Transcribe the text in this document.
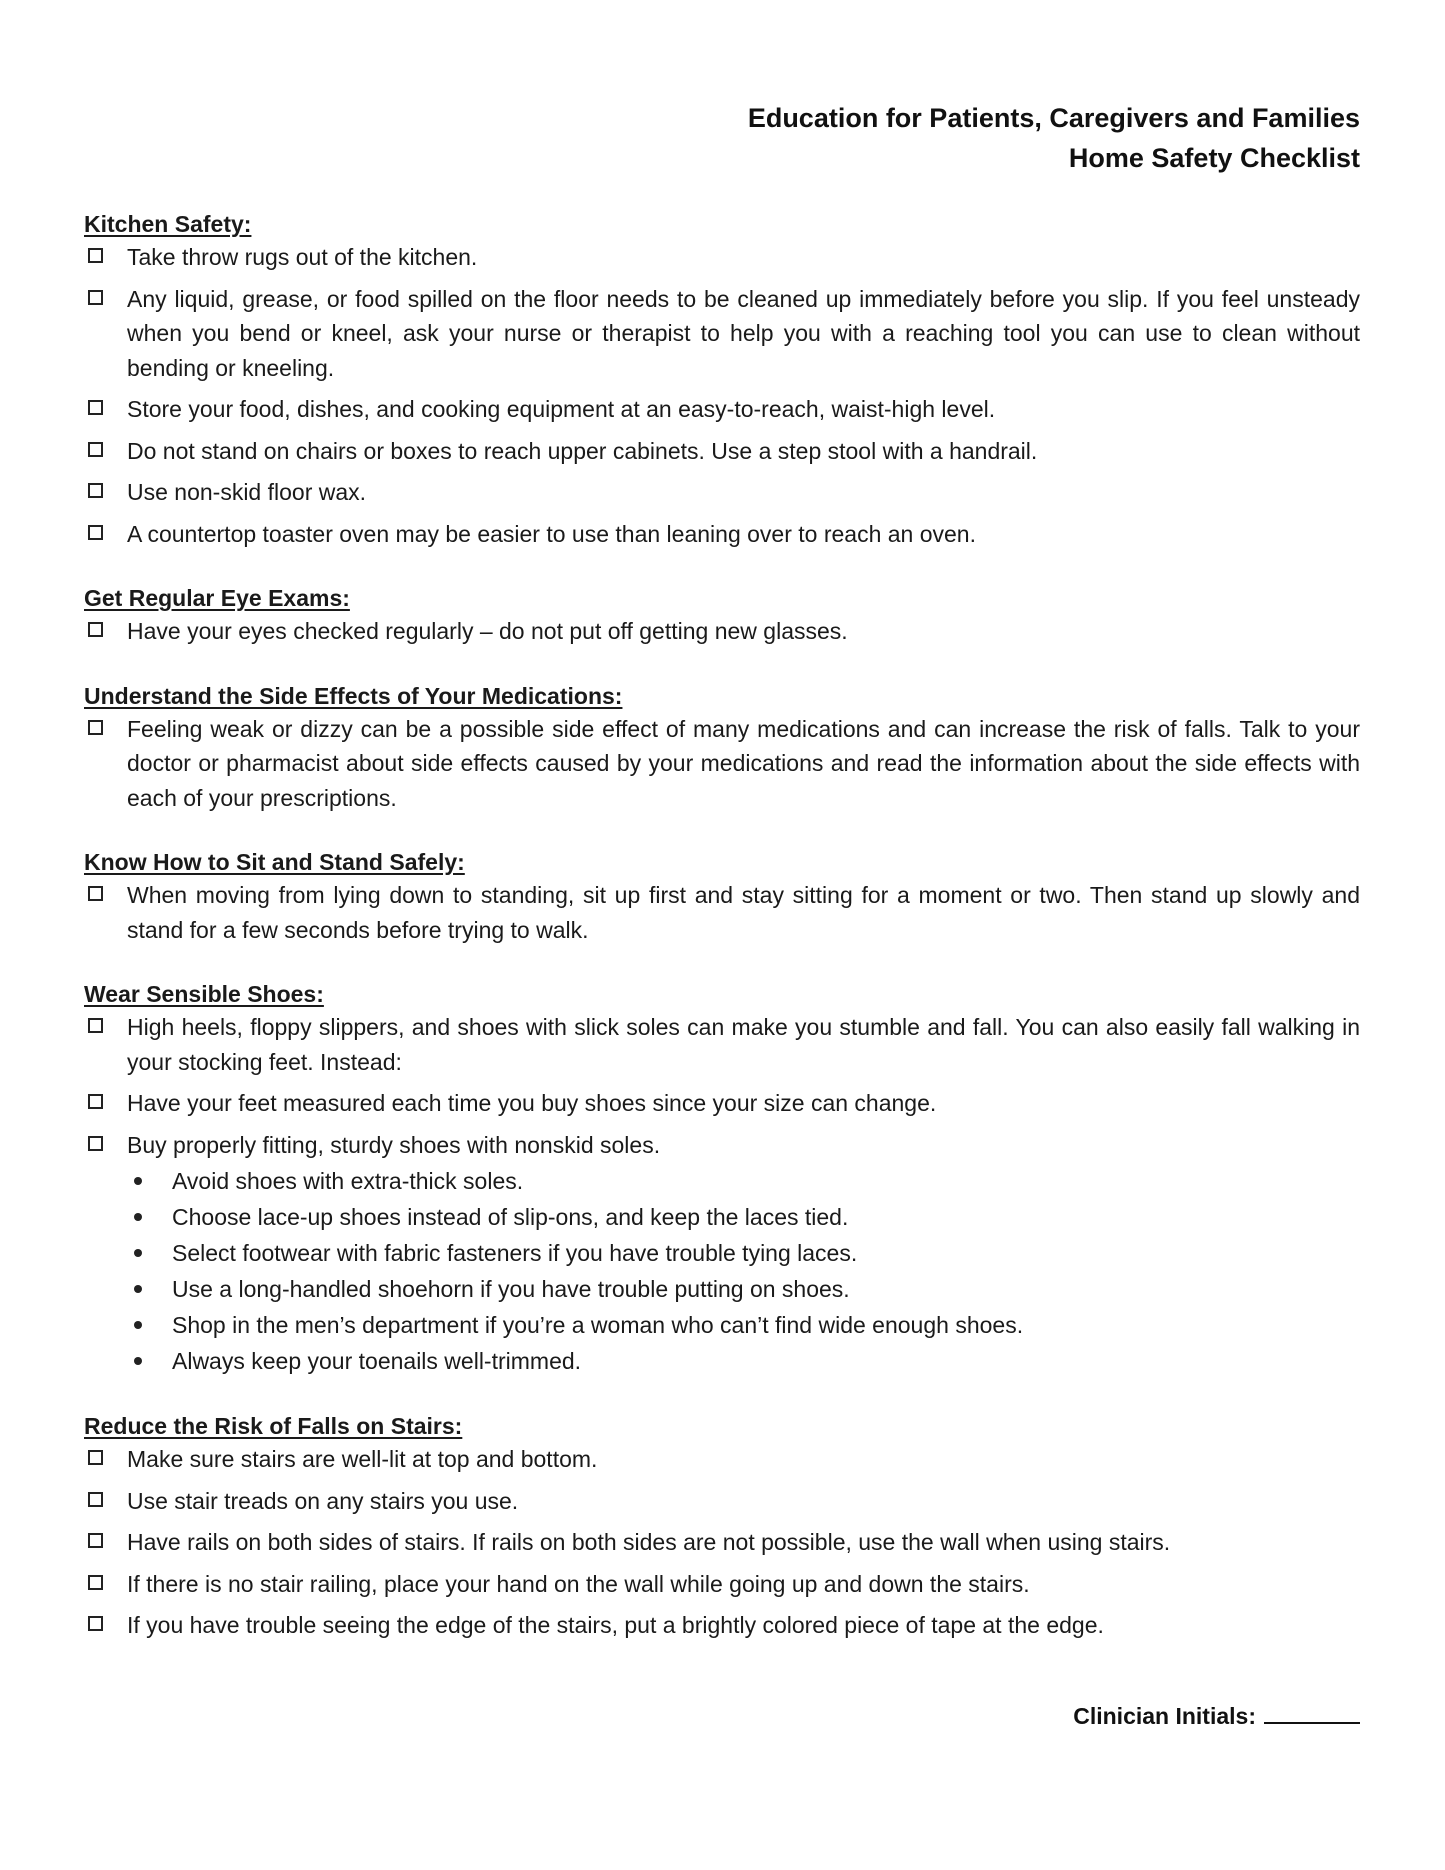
Education for Patients, Caregivers and Families
Home Safety Checklist
Kitchen Safety:
Take throw rugs out of the kitchen.
Any liquid, grease, or food spilled on the floor needs to be cleaned up immediately before you slip. If you feel unsteady when you bend or kneel, ask your nurse or therapist to help you with a reaching tool you can use to clean without bending or kneeling.
Store your food, dishes, and cooking equipment at an easy-to-reach, waist-high level.
Do not stand on chairs or boxes to reach upper cabinets. Use a step stool with a handrail.
Use non-skid floor wax.
A countertop toaster oven may be easier to use than leaning over to reach an oven.
Get Regular Eye Exams:
Have your eyes checked regularly – do not put off getting new glasses.
Understand the Side Effects of Your Medications:
Feeling weak or dizzy can be a possible side effect of many medications and can increase the risk of falls. Talk to your doctor or pharmacist about side effects caused by your medications and read the information about the side effects with each of your prescriptions.
Know How to Sit and Stand Safely:
When moving from lying down to standing, sit up first and stay sitting for a moment or two. Then stand up slowly and stand for a few seconds before trying to walk.
Wear Sensible Shoes:
High heels, floppy slippers, and shoes with slick soles can make you stumble and fall. You can also easily fall walking in your stocking feet. Instead:
Have your feet measured each time you buy shoes since your size can change.
Buy properly fitting, sturdy shoes with nonskid soles.
Avoid shoes with extra-thick soles.
Choose lace-up shoes instead of slip-ons, and keep the laces tied.
Select footwear with fabric fasteners if you have trouble tying laces.
Use a long-handled shoehorn if you have trouble putting on shoes.
Shop in the men’s department if you’re a woman who can’t find wide enough shoes.
Always keep your toenails well-trimmed.
Reduce the Risk of Falls on Stairs:
Make sure stairs are well-lit at top and bottom.
Use stair treads on any stairs you use.
Have rails on both sides of stairs. If rails on both sides are not possible, use the wall when using stairs.
If there is no stair railing, place your hand on the wall while going up and down the stairs.
If you have trouble seeing the edge of the stairs, put a brightly colored piece of tape at the edge.
Clinician Initials:
